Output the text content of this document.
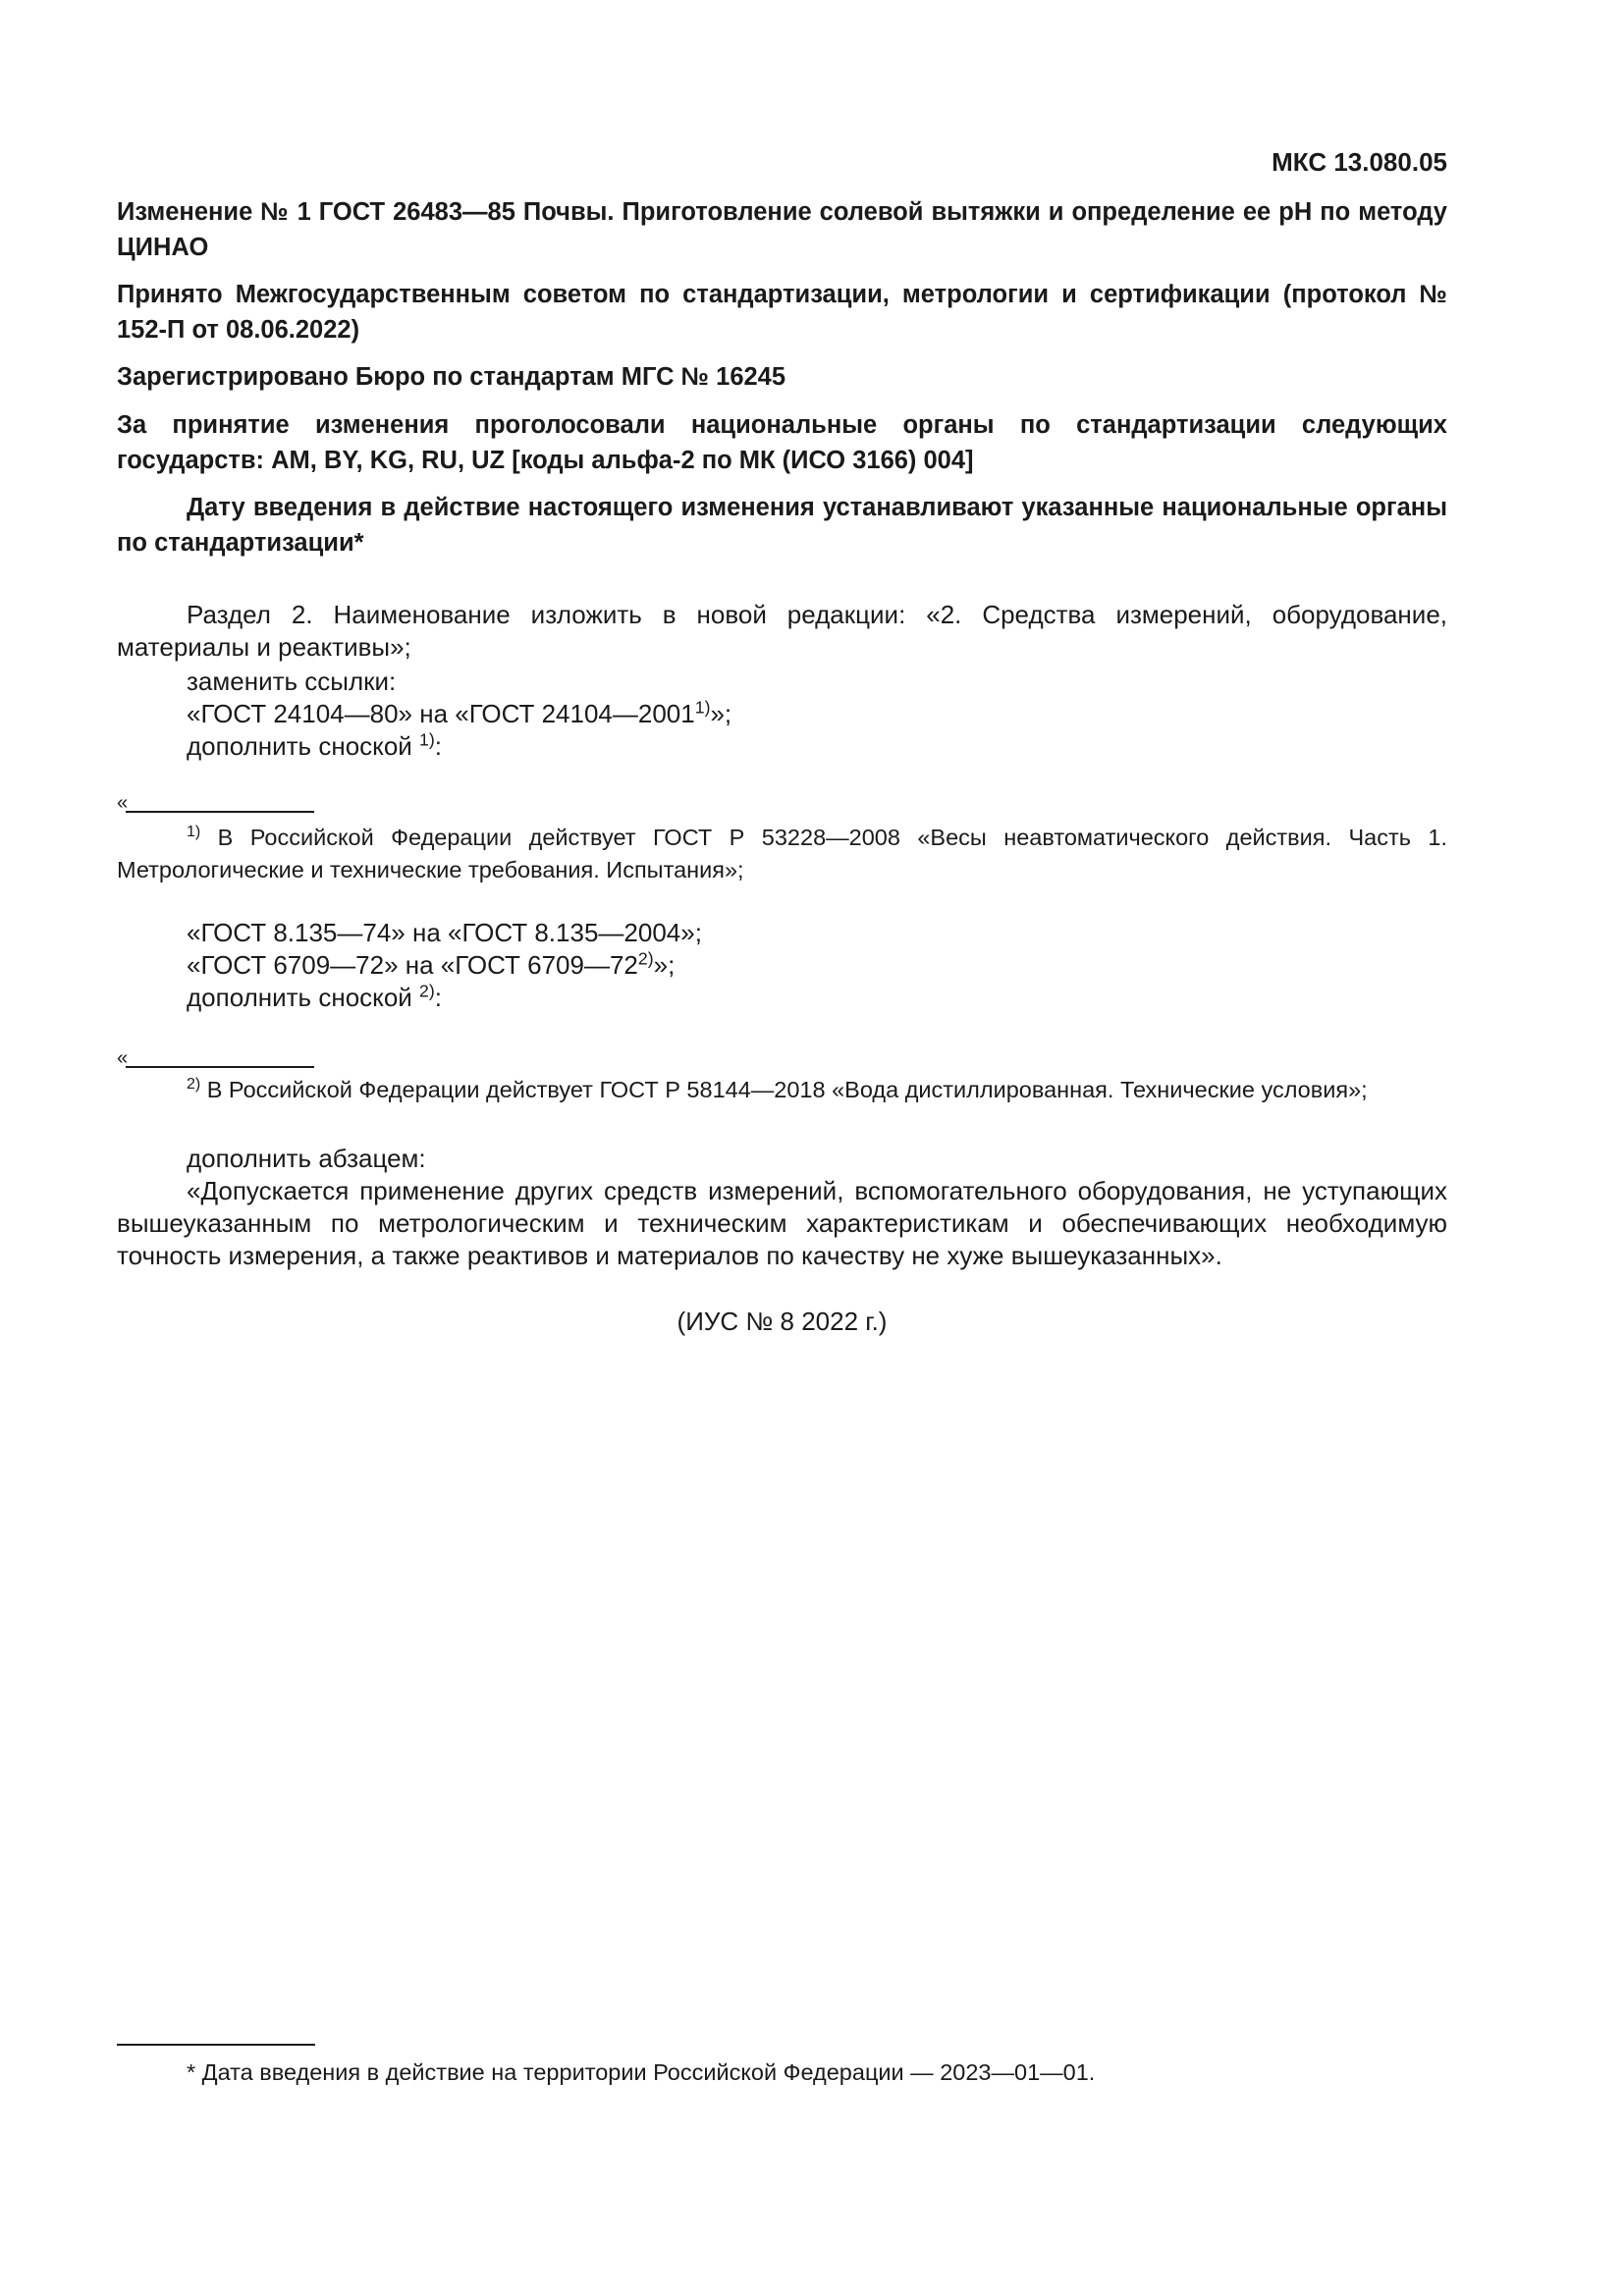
МКС 13.080.05

Изменение № 1 ГОСТ 26483—85 Почвы. Приготовление солевой вытяжки и определение ее pH по методу ЦИНАО

Принято Межгосударственным советом по стандартизации, метрологии и сертификации (протокол № 152-П от 08.06.2022)

Зарегистрировано Бюро по стандартам МГС № 16245

За принятие изменения проголосовали национальные органы по стандартизации следующих государств: AM, BY, KG, RU, UZ [коды альфа-2 по МК (ИСО 3166) 004]

Дату введения в действие настоящего изменения устанавливают указанные национальные органы по стандартизации*

Раздел 2. Наименование изложить в новой редакции: «2. Средства измерений, оборудование, материалы и реактивы»;

заменить ссылки:

«ГОСТ 24104—80» на «ГОСТ 24104—2001$^{1)}$»;

дополнить сноской $^{1)}$:

«

$^{1)}$ В Российской Федерации действует ГОСТ Р 53228—2008 «Весы неавтоматического действия. Часть 1. Метрологические и технические требования. Испытания»;

«ГОСТ 8.135—74» на «ГОСТ 8.135—2004»;

«ГОСТ 6709—72» на «ГОСТ 6709—72$^{2)}$»;

дополнить сноской $^{2)}$:

«

$^{2)}$ В Российской Федерации действует ГОСТ Р 58144—2018 «Вода дистиллированная. Технические условия»;

дополнить абзацем:

«Допускается применение других средств измерений, вспомогательного оборудования, не уступающих вышеуказанным по метрологическим и техническим характеристикам и обеспечивающих необходимую точность измерения, а также реактивов и материалов по качеству не хуже вышеуказанных».

(ИУС № 8 2022 г.)

* Дата введения в действие на территории Российской Федерации — 2023—01—01.
